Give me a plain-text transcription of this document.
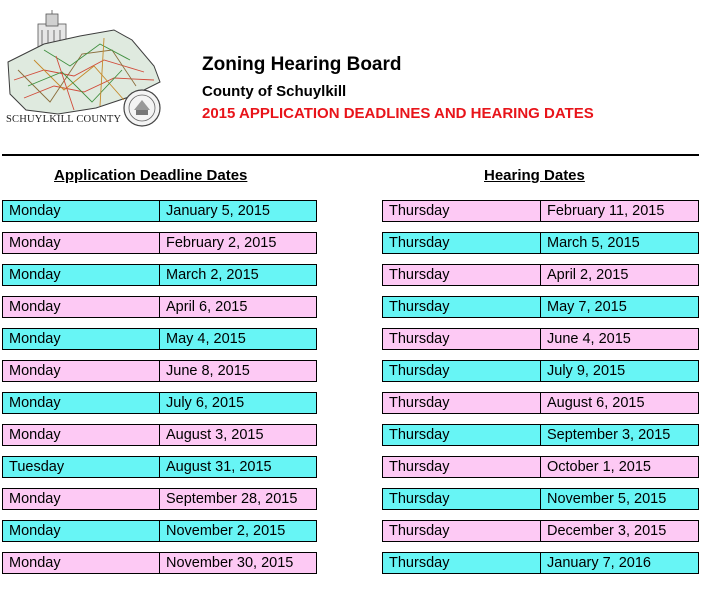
SCHUYLKILL COUNTY
Zoning Hearing Board
County of Schuylkill
2015 APPLICATION DEADLINES AND HEARING DATES
Application Deadline Dates	Hearing Dates
Monday	January 5, 2015

Monday	February 2, 2015

Monday	March 2, 2015

Monday	April 6, 2015

Monday	May 4, 2015

Monday	June 8, 2015

Monday	July 6, 2015

Monday	August 3, 2015

Tuesday	August 31, 2015

Monday	September 28, 2015

Monday	November 2, 2015

Monday	November 30, 2015
Thursday	February 11, 2015

Thursday	March 5, 2015

Thursday	April 2, 2015

Thursday	May 7, 2015

Thursday	June 4, 2015

Thursday	July 9, 2015

Thursday	August 6, 2015

Thursday	September 3, 2015

Thursday	October 1, 2015

Thursday	November 5, 2015

Thursday	December 3, 2015

Thursday	January 7, 2016
